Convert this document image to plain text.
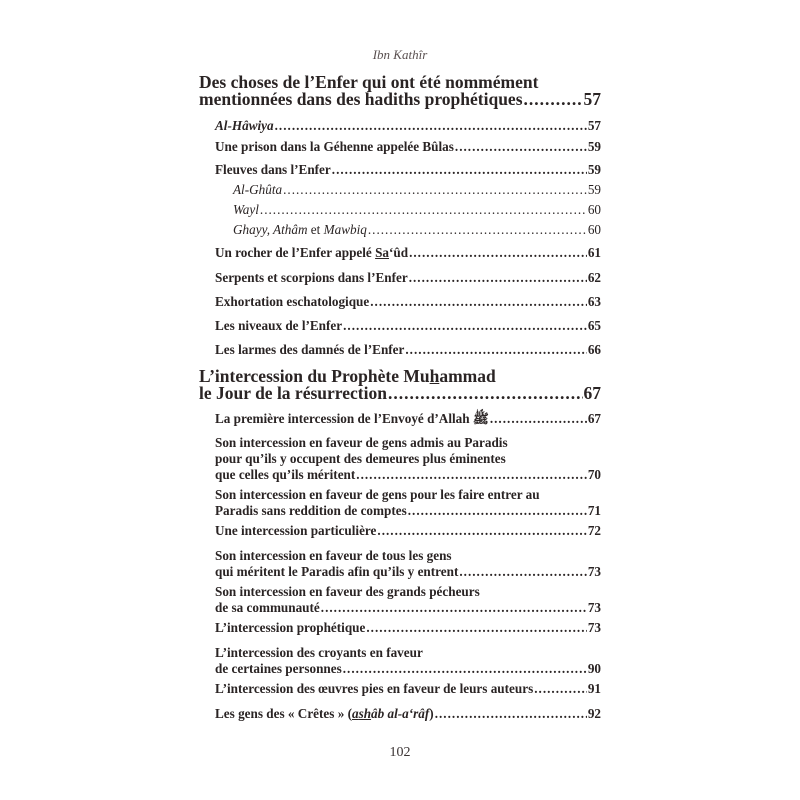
Ibn Kathîr
Des choses de l’Enfer qui ont été nommément
mentionnées dans des hadiths prophétiques .....	57
Al-Hâwiya .....	57
Une prison dans la Géhenne appelée Bûlas .....	59
Fleuves dans l’Enfer .....	59
Al-Ghûta .....	59
Wayl .....	60
Ghayy, Athâm et Mawbiq .....	60
Un rocher de l’Enfer appelé Sa‘ûd .....	61
Serpents et scorpions dans l’Enfer .....	62
Exhortation eschatologique .....	63
Les niveaux de l’Enfer .....	65
Les larmes des damnés de l’Enfer .....	66
L’intercession du Prophète Muhammad
le Jour de la résurrection .....	67
La première intercession de l’Envoyé d’Allah ﷺ .....	67
Son intercession en faveur de gens admis au Paradis
pour qu’ils y occupent des demeures plus éminentes
que celles qu’ils méritent .....	70
Son intercession en faveur de gens pour les faire entrer au
Paradis sans reddition de comptes .....	71
Une intercession particulière .....	72
Son intercession en faveur de tous les gens
qui méritent le Paradis afin qu’ils y entrent .....	73
Son intercession en faveur des grands pécheurs
de sa communauté .....	73
L’intercession prophétique .....	73
L’intercession des croyants en faveur
de certaines personnes .....	90
L’intercession des œuvres pies en faveur de leurs auteurs .....	91
Les gens des « Crêtes » (ashâb al-a‘râf) .....	92
102
